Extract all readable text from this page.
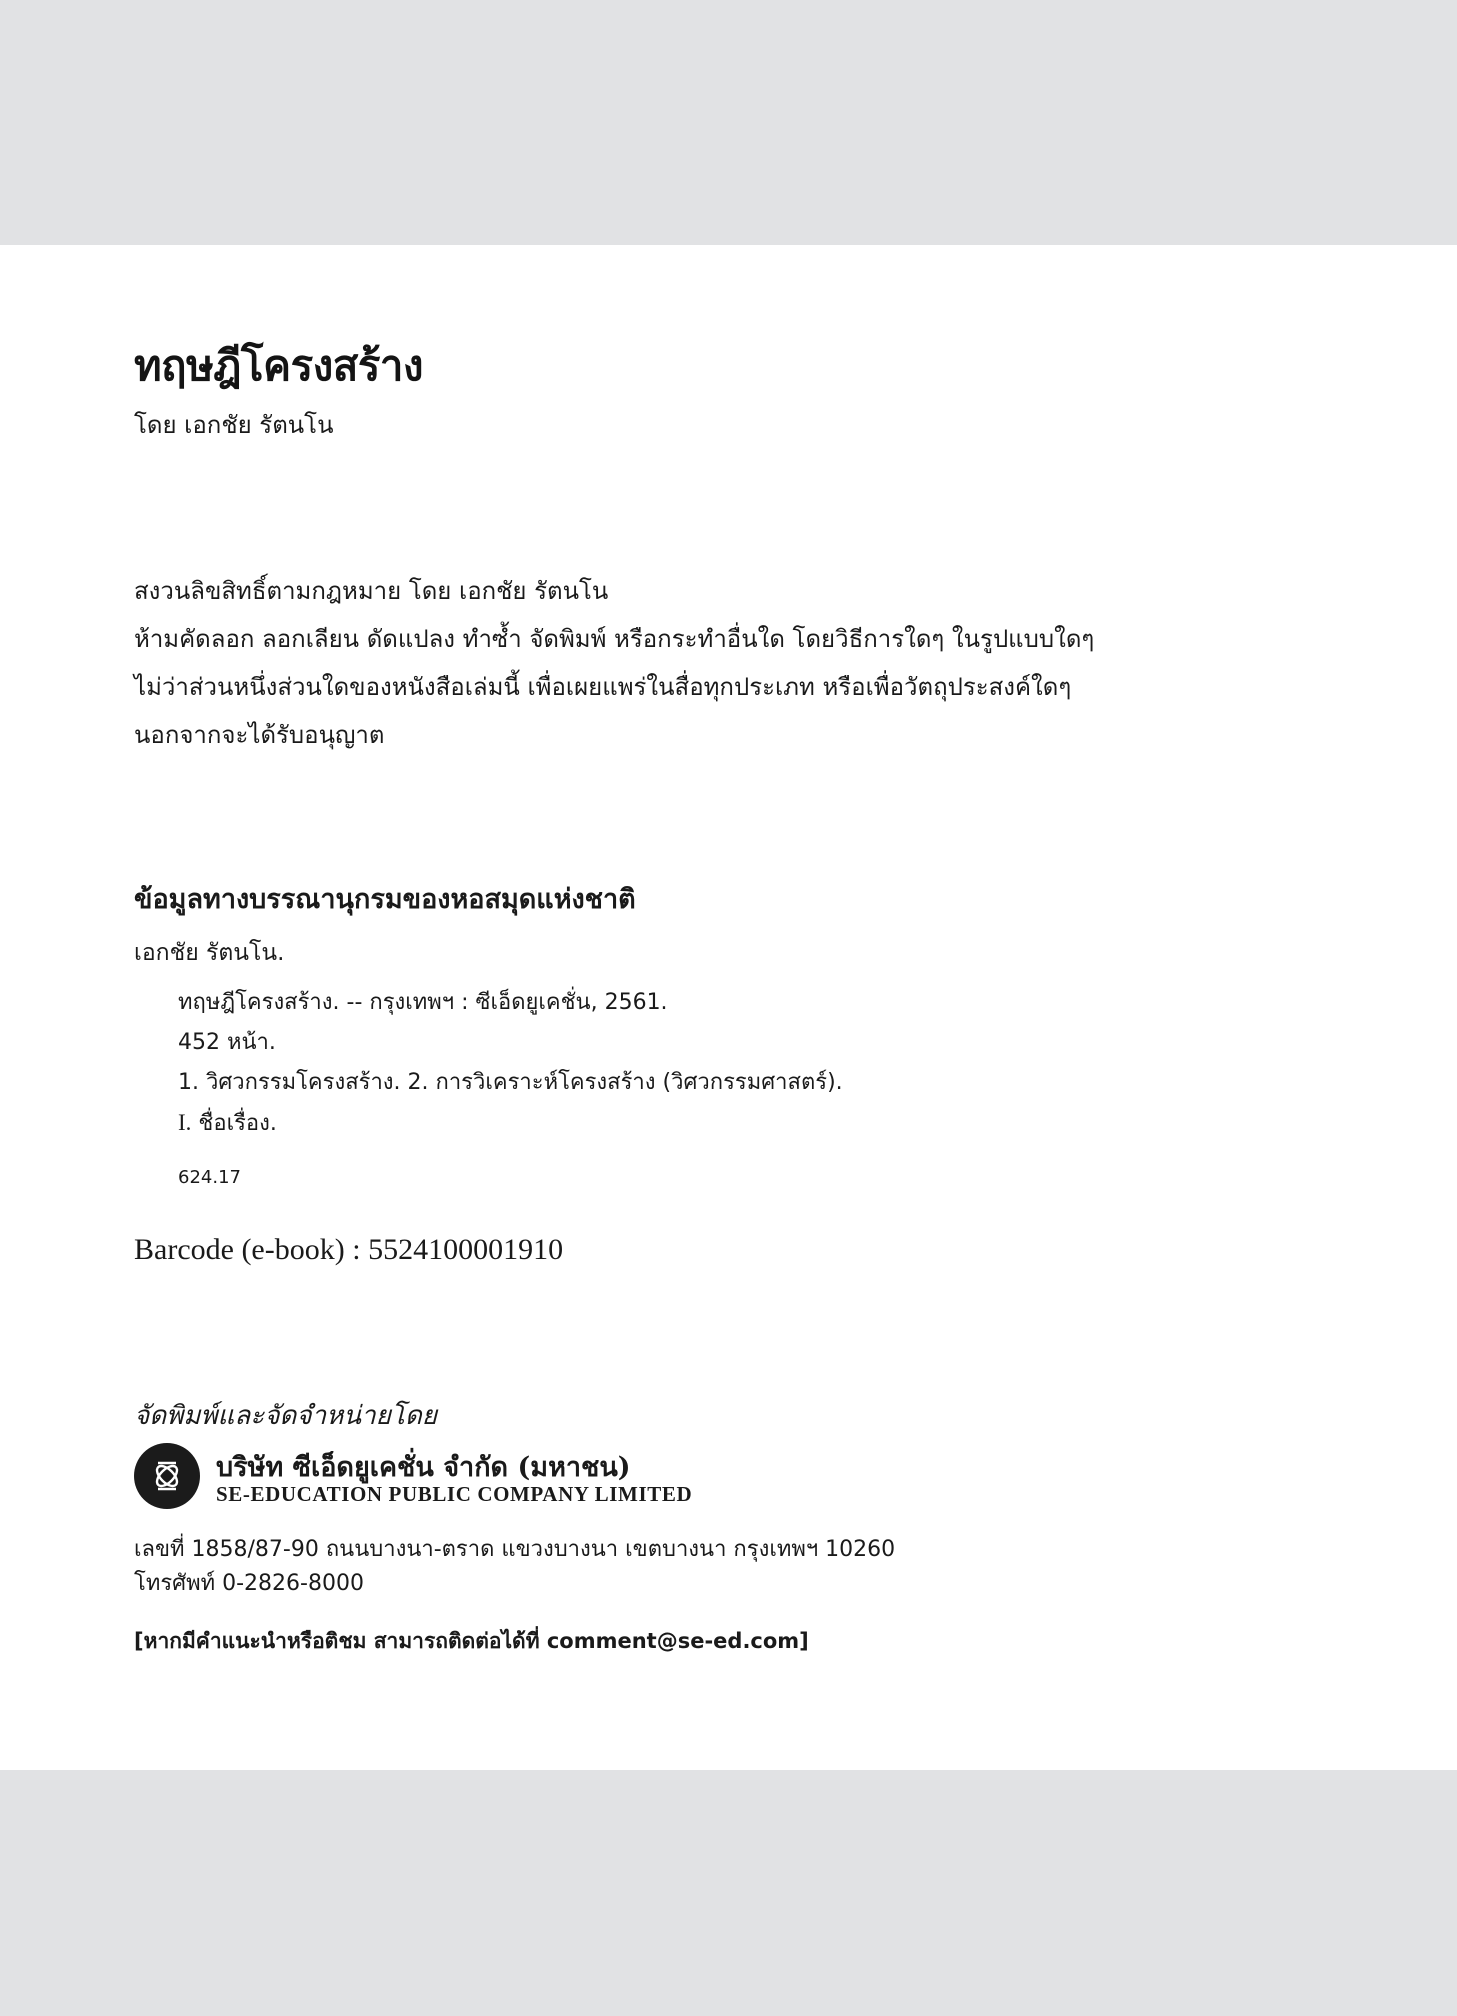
ทฤษฎีโครงสร้าง
โดย เอกชัย รัตนโน
สงวนลิขสิทธิ์ตามกฎหมาย โดย เอกชัย รัตนโน
ห้ามคัดลอก ลอกเลียน ดัดแปลง ทำซ้ำ จัดพิมพ์ หรือกระทำอื่นใด โดยวิธีการใดๆ ในรูปแบบใดๆ
ไม่ว่าส่วนหนึ่งส่วนใดของหนังสือเล่มนี้ เพื่อเผยแพร่ในสื่อทุกประเภท หรือเพื่อวัตถุประสงค์ใดๆ
นอกจากจะได้รับอนุญาต
ข้อมูลทางบรรณานุกรมของหอสมุดแห่งชาติ
เอกชัย รัตนโน.
ทฤษฎีโครงสร้าง. -- กรุงเทพฯ : ซีเอ็ดยูเคชั่น, 2561.
452 หน้า.
1. วิศวกรรมโครงสร้าง. 2. การวิเคราะห์โครงสร้าง (วิศวกรรมศาสตร์).
I. ชื่อเรื่อง.
624.17
Barcode (e-book) : 5524100001910
จัดพิมพ์และจัดจำหน่ายโดย
บริษัท ซีเอ็ดยูเคชั่น จำกัด (มหาชน)
SE-EDUCATION PUBLIC COMPANY LIMITED
เลขที่ 1858/87-90 ถนนบางนา-ตราด แขวงบางนา เขตบางนา กรุงเทพฯ 10260
โทรศัพท์ 0-2826-8000
[หากมีคำแนะนำหรือติชม สามารถติดต่อได้ที่ comment@se-ed.com]
